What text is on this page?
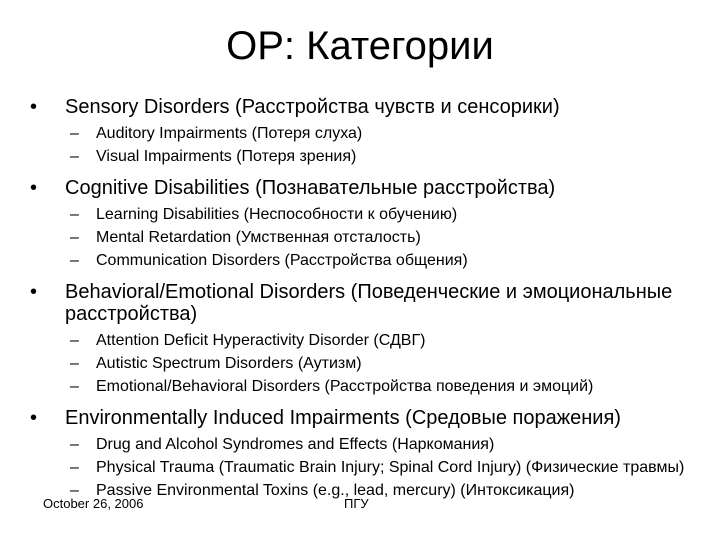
OP: Категории
• Sensory Disorders (Расстройства чувств и сенсорики)
– Auditory Impairments (Потеря слуха)
– Visual Impairments (Потеря зрения)
• Cognitive Disabilities (Познавательные расстройства)
– Learning Disabilities (Неспособности к обучению)
– Mental Retardation (Умственная отсталость)
– Communication Disorders (Расстройства общения)
• Behavioral/Emotional Disorders (Поведенческие и эмоциональные расстройства)
– Attention Deficit Hyperactivity Disorder (СДВГ)
– Autistic Spectrum Disorders (Аутизм)
– Emotional/Behavioral Disorders (Расстройства поведения и эмоций)
• Environmentally Induced Impairments (Средовые поражения)
– Drug and Alcohol Syndromes and Effects (Наркомания)
– Physical Trauma (Traumatic Brain Injury; Spinal Cord Injury) (Физические травмы)
– Passive Environmental Toxins (e.g., lead, mercury) (Интоксикация)
October 26, 2006	ПГУ
